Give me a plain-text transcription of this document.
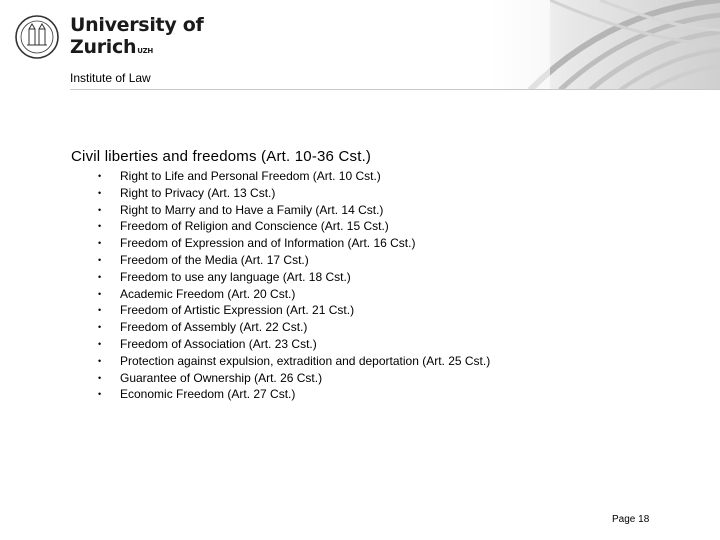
University of
Zurich$^{UZH}$
Institute of Law
Civil liberties and freedoms (Art. 10-36 Cst.)
• Right to Life and Personal Freedom (Art. 10 Cst.)
• Right to Privacy (Art. 13 Cst.)
• Right to Marry and to Have a Family (Art. 14 Cst.)
• Freedom of Religion and Conscience (Art. 15 Cst.)
• Freedom of Expression and of Information (Art. 16 Cst.)
• Freedom of the Media (Art. 17 Cst.)
• Freedom to use any language (Art. 18 Cst.)
• Academic Freedom (Art. 20 Cst.)
• Freedom of Artistic Expression (Art. 21 Cst.)
• Freedom of Assembly (Art. 22 Cst.)
• Freedom of Association (Art. 23 Cst.)
• Protection against expulsion, extradition and deportation (Art. 25 Cst.)
• Guarantee of Ownership (Art. 26 Cst.)
• Economic Freedom (Art. 27 Cst.)
Page 18
